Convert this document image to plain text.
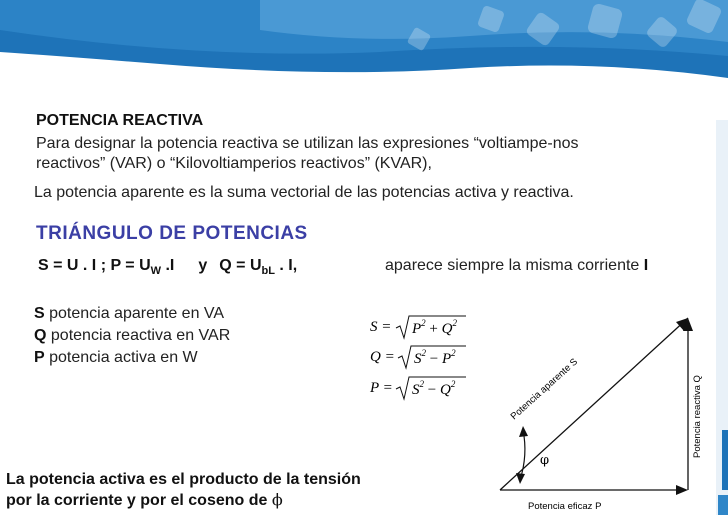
POTENCIA REACTIVA
Para designar la potencia reactiva se utilizan las expresiones “voltiampe-nos
reactivos” (VAR) o “Kilovoltiamperios reactivos” (KVAR),
La potencia aparente es la suma vectorial de las potencias activa y reactiva.
TRIÁNGULO DE POTENCIAS
S = U . I ; $P = U_W$ .I y $Q = U_{bL}$ . I,	aparece siempre la misma corriente I
S potencia aparente en VA
Q potencia reactiva en VAR
P potencia activa en W
$S = P^2 + Q^2$
$Q = S^2 - P^2$
$P = S^2 - Q^2$
φ
Potencia aparente S	Potencia reactiva Q
Potencia eficaz P
La potencia activa es el producto de la tensión
por la corriente y por el coseno de ϕ
